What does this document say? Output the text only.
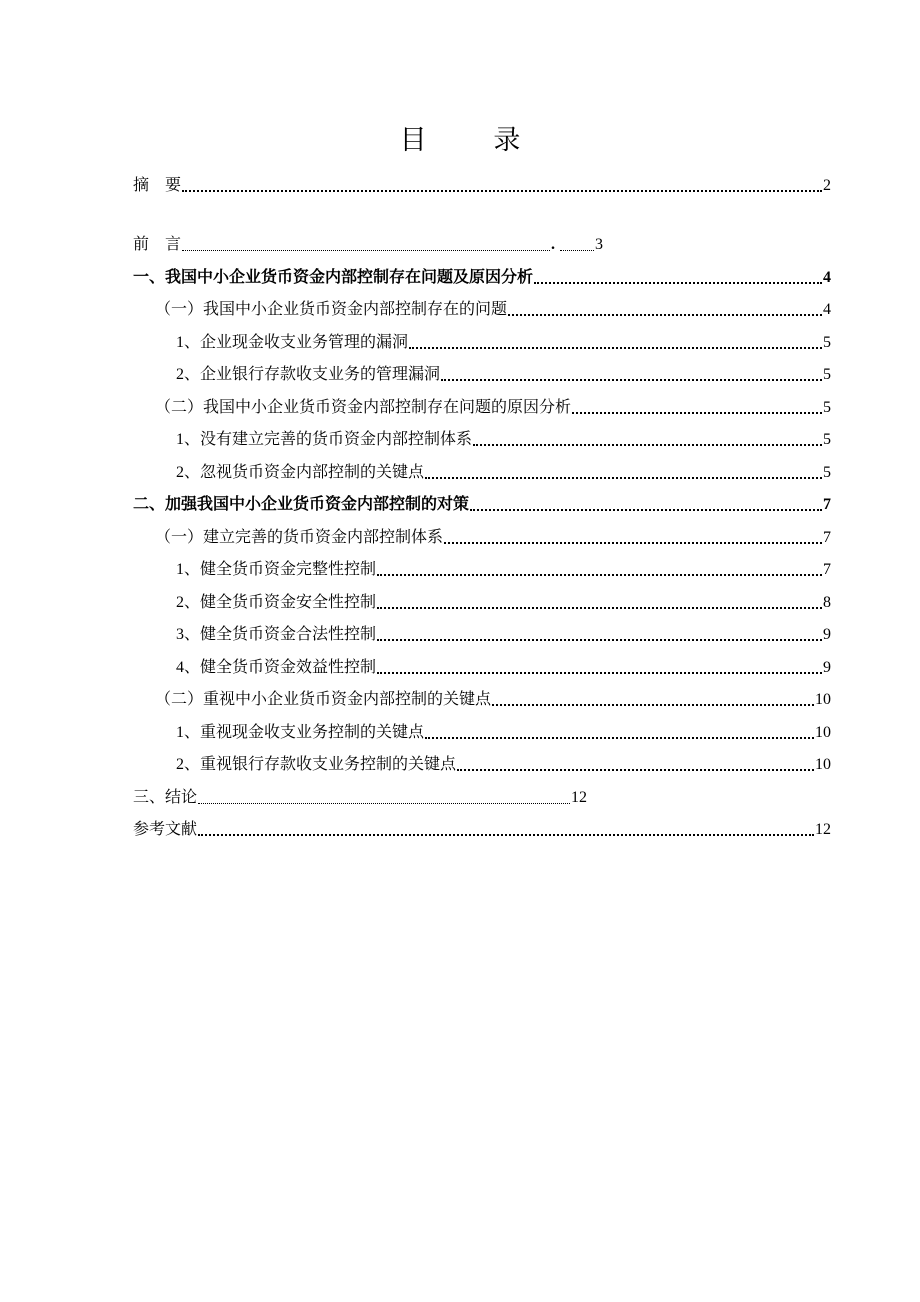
目 录
摘 要	2
前 言	.	3
一、我国中小企业货币资金内部控制存在问题及原因分析	4
（一）我国中小企业货币资金内部控制存在的问题	4
1、企业现金收支业务管理的漏洞	5
2、企业银行存款收支业务的管理漏洞	5
（二）我国中小企业货币资金内部控制存在问题的原因分析	5
1、没有建立完善的货币资金内部控制体系	5
2、忽视货币资金内部控制的关键点	5
二、加强我国中小企业货币资金内部控制的对策	7
（一）建立完善的货币资金内部控制体系	7
1、健全货币资金完整性控制	7
2、健全货币资金安全性控制	8
3、健全货币资金合法性控制	9
4、健全货币资金效益性控制	9
（二）重视中小企业货币资金内部控制的关键点	10
1、重视现金收支业务控制的关键点	10
2、重视银行存款收支业务控制的关键点	10
三、结论	12
参考文献	12
